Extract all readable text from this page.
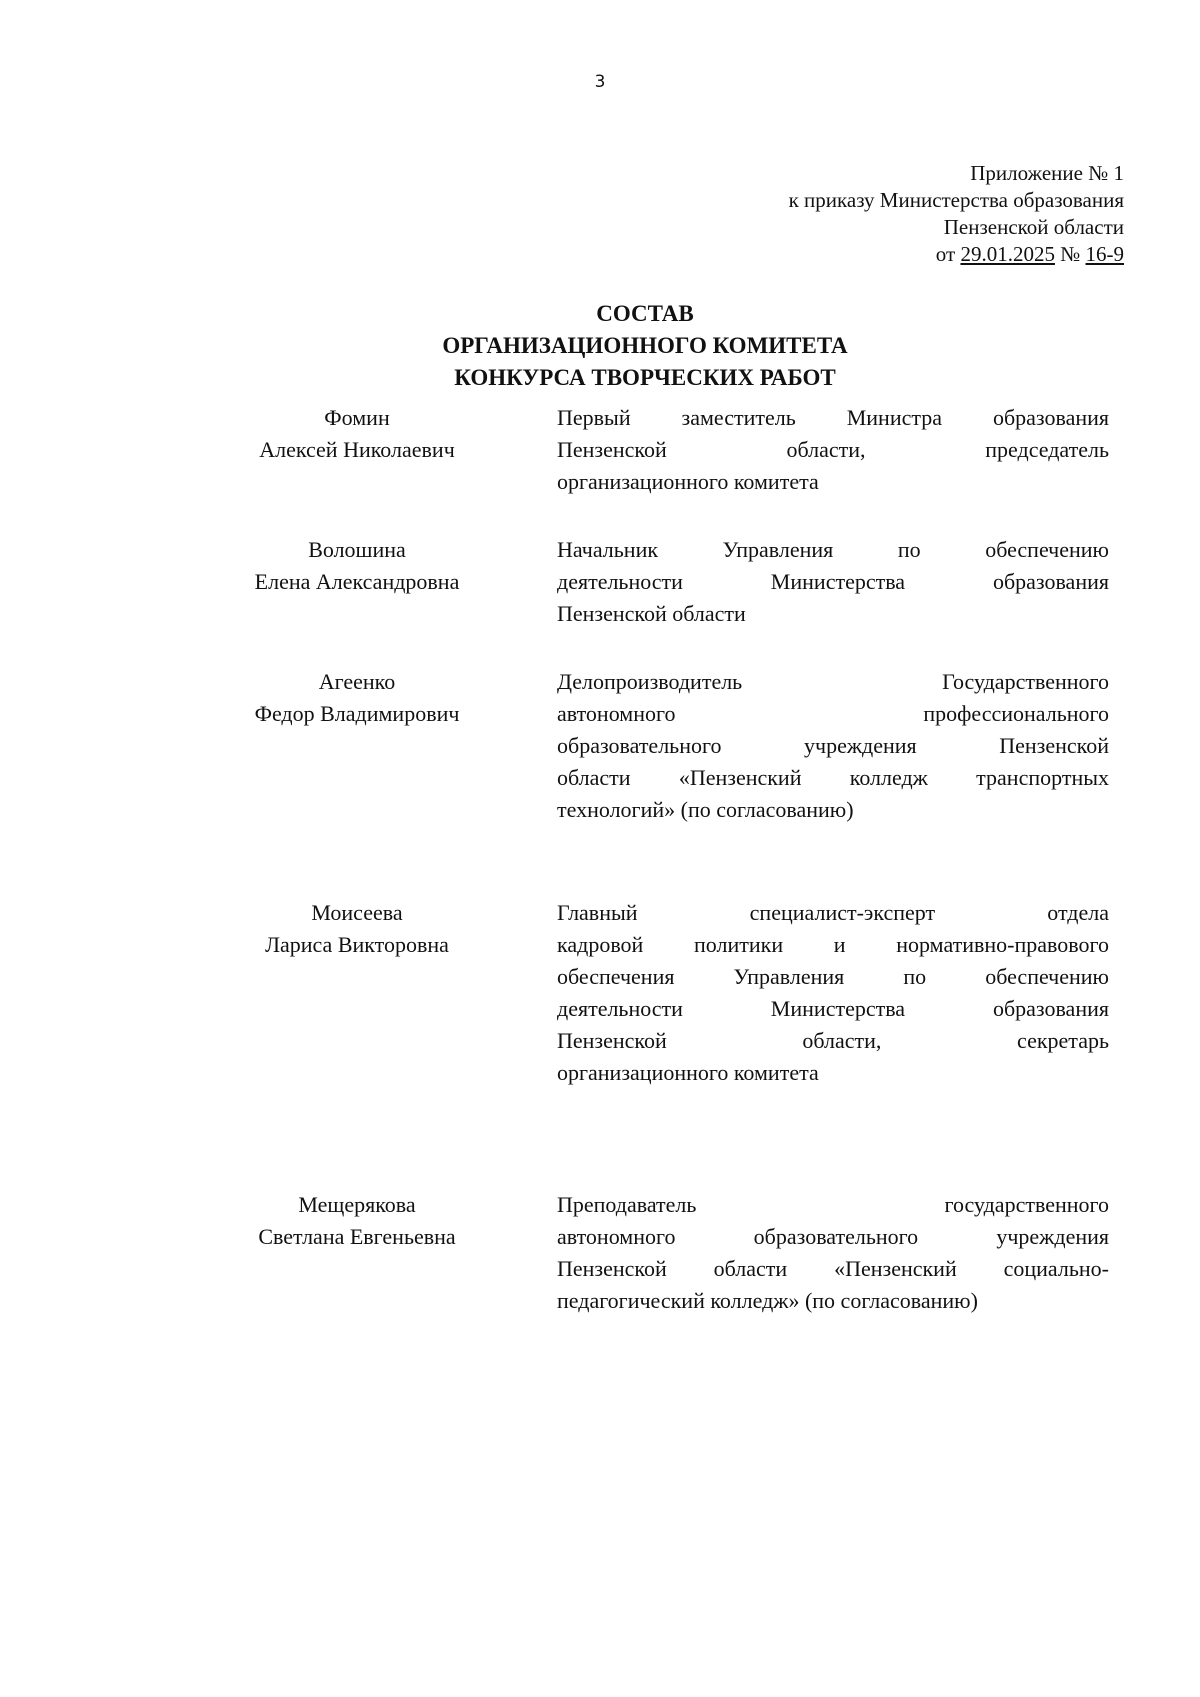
3
Приложение № 1
к приказу Министерства образования
Пензенской области
от 29.01.2025 № 16-9
СОСТАВ
ОРГАНИЗАЦИОННОГО КОМИТЕТА
КОНКУРСА ТВОРЧЕСКИХ РАБОТ
Фомин
Алексей Николаевич
Первый заместитель Министра образования
Пензенской области, председатель
организационного комитета
Волошина
Елена Александровна
Начальник Управления по обеспечению
деятельности Министерства образования
Пензенской области
Агеенко
Федор Владимирович
Делопроизводитель Государственного
автономного профессионального
образовательного учреждения Пензенской
области «Пензенский колледж транспортных
технологий» (по согласованию)
Моисеева
Лариса Викторовна
Главный специалист-эксперт отдела
кадровой политики и нормативно-правового
обеспечения Управления по обеспечению
деятельности Министерства образования
Пензенской области, секретарь
организационного комитета
Мещерякова
Светлана Евгеньевна
Преподаватель государственного
автономного образовательного учреждения
Пензенской области «Пензенский социально-
педагогический колледж» (по согласованию)
